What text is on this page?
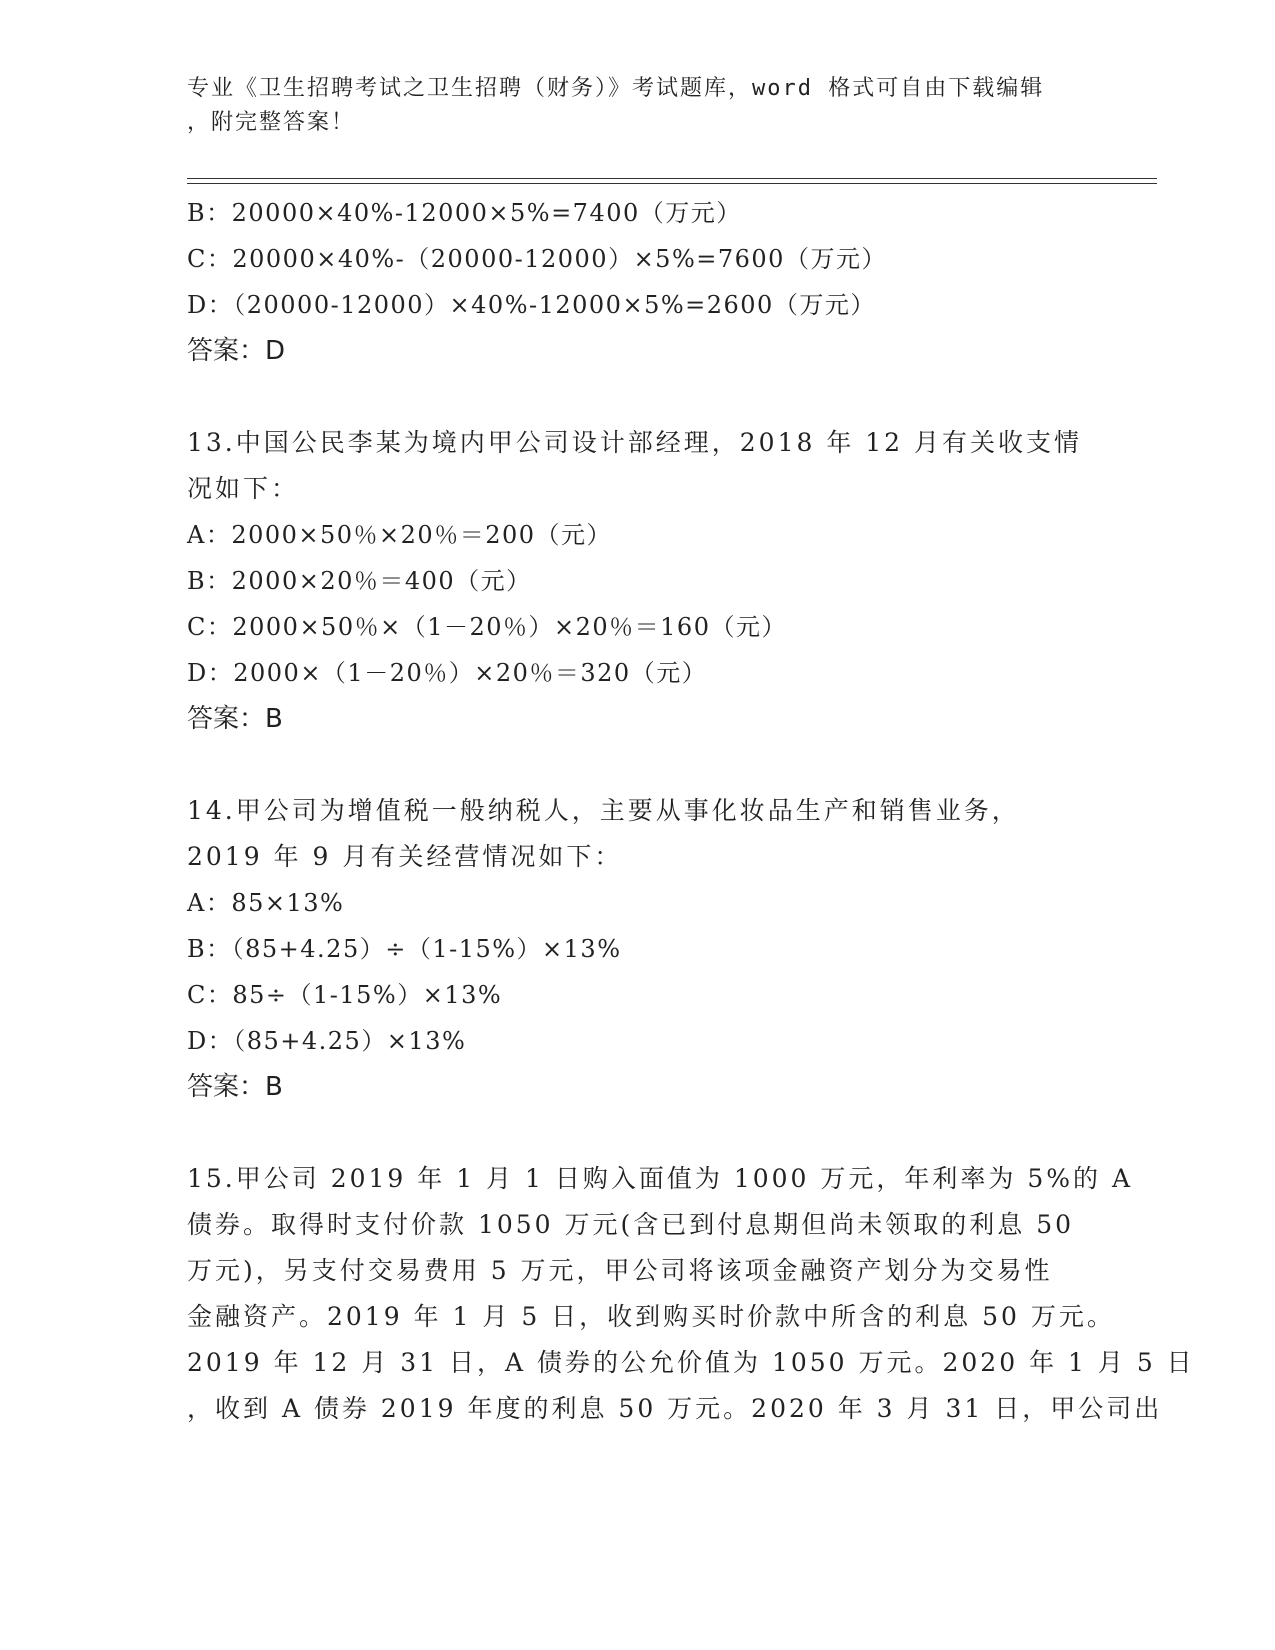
专业《卫生招聘考试之卫生招聘（财务）》考试题库，word 格式可自由下载编辑
，附完整答案！
B：20000×40%-12000×5%=7400（万元）
C：20000×40%-（20000-12000）×5%=7600（万元）
D：（20000-12000）×40%-12000×5%=2600（万元）
答案：D
13.中国公民李某为境内甲公司设计部经理，2018 年 12 月有关收支情
况如下：
A：2000×50％×20％＝200（元）
B：2000×20％＝400（元）
C：2000×50％×（1－20％）×20％＝160（元）
D：2000×（1－20％）×20％＝320（元）
答案：B
14.甲公司为增值税一般纳税人，主要从事化妆品生产和销售业务，
2019 年 9 月有关经营情况如下：
A：85×13%
B：（85+4.25）÷（1-15%）×13%
C：85÷（1-15%）×13%
D：（85+4.25）×13%
答案：B
15.甲公司 2019 年 1 月 1 日购入面值为 1000 万元，年利率为 5%的 A
债券。取得时支付价款 1050 万元(含已到付息期但尚未领取的利息 50
万元)，另支付交易费用 5 万元，甲公司将该项金融资产划分为交易性
金融资产。2019 年 1 月 5 日，收到购买时价款中所含的利息 50 万元。
2019 年 12 月 31 日，A 债券的公允价值为 1050 万元。2020 年 1 月 5 日
，收到 A 债券 2019 年度的利息 50 万元。2020 年 3 月 31 日，甲公司出
